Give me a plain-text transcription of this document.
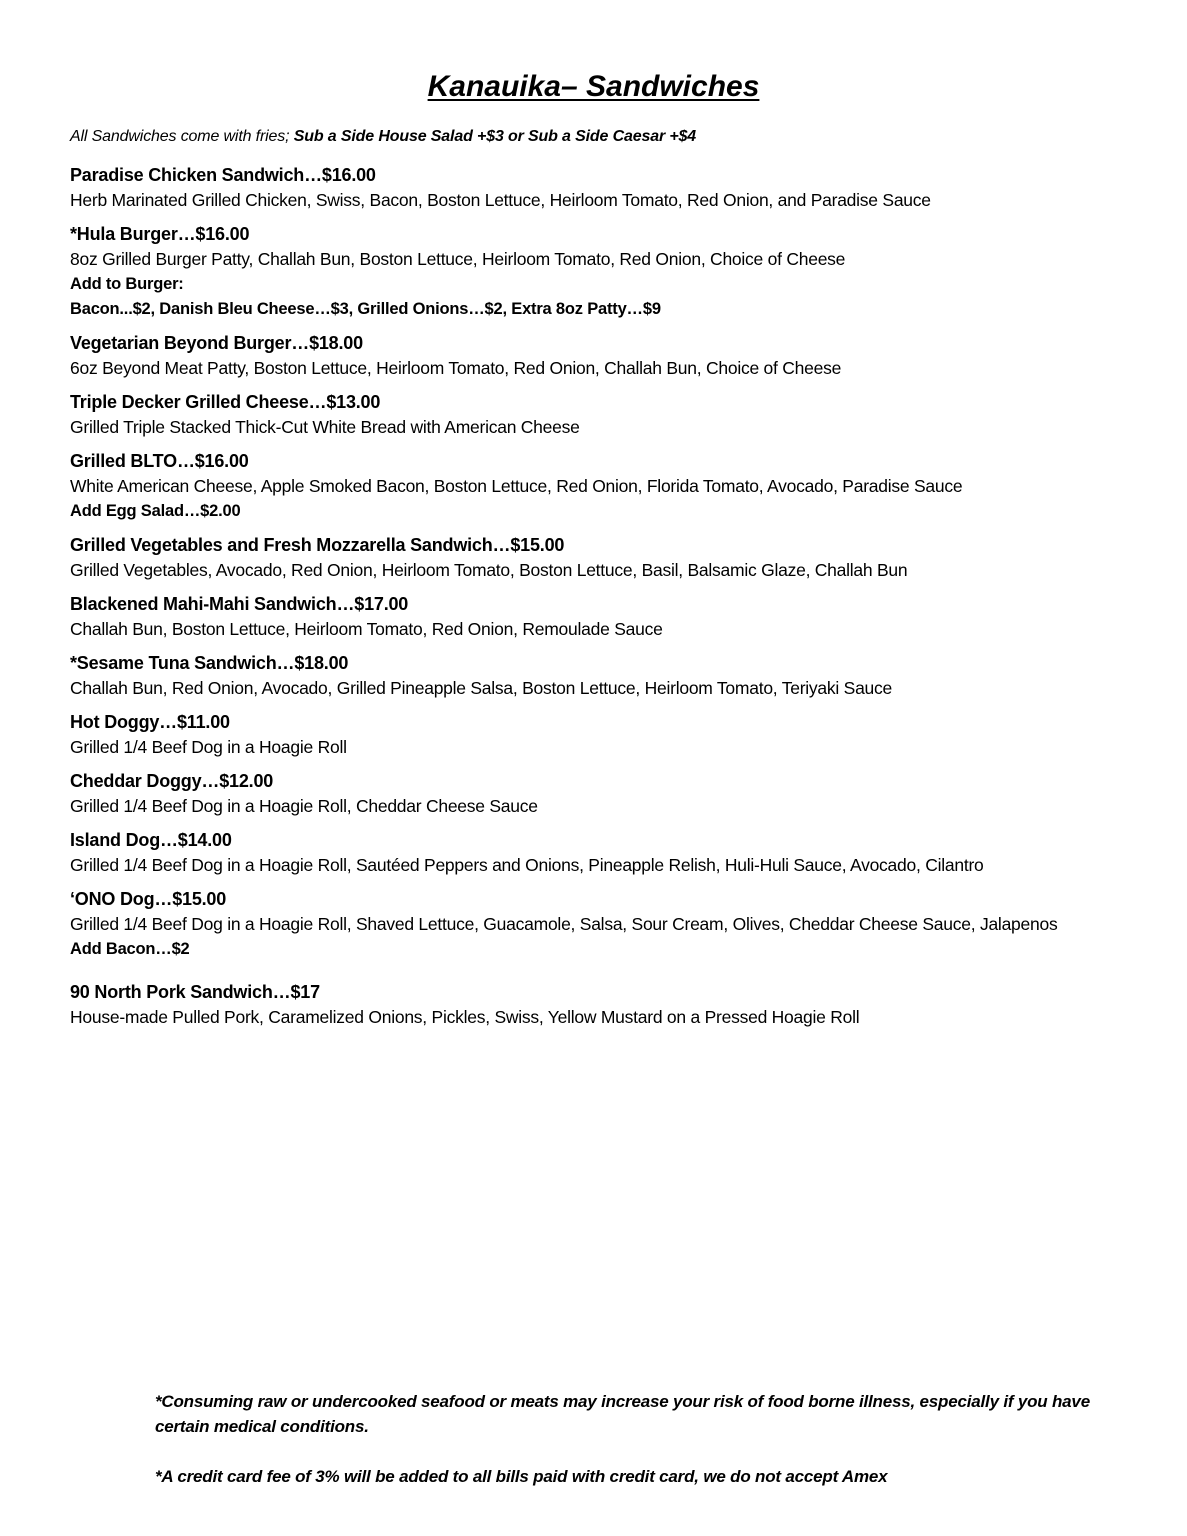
Kanauika– Sandwiches
All Sandwiches come with fries; Sub a Side House Salad +$3 or Sub a Side Caesar +$4
Paradise Chicken Sandwich…$16.00
Herb Marinated Grilled Chicken, Swiss, Bacon, Boston Lettuce, Heirloom Tomato, Red Onion, and Paradise Sauce
*Hula Burger…$16.00
8oz Grilled Burger Patty, Challah Bun, Boston Lettuce, Heirloom Tomato, Red Onion, Choice of Cheese
Add to Burger:
Bacon...$2, Danish Bleu Cheese…$3, Grilled Onions…$2, Extra 8oz Patty…$9
Vegetarian Beyond Burger…$18.00
6oz Beyond Meat Patty, Boston Lettuce, Heirloom Tomato, Red Onion, Challah Bun, Choice of Cheese
Triple Decker Grilled Cheese…$13.00
Grilled Triple Stacked Thick-Cut White Bread with American Cheese
Grilled BLTO…$16.00
White American Cheese, Apple Smoked Bacon, Boston Lettuce, Red Onion, Florida Tomato, Avocado, Paradise Sauce
Add Egg Salad…$2.00
Grilled Vegetables and Fresh Mozzarella Sandwich…$15.00
Grilled Vegetables, Avocado, Red Onion, Heirloom Tomato, Boston Lettuce, Basil, Balsamic Glaze, Challah Bun
Blackened Mahi-Mahi Sandwich…$17.00
Challah Bun, Boston Lettuce, Heirloom Tomato, Red Onion, Remoulade Sauce
*Sesame Tuna Sandwich…$18.00
Challah Bun, Red Onion, Avocado, Grilled Pineapple Salsa, Boston Lettuce, Heirloom Tomato, Teriyaki Sauce
Hot Doggy…$11.00
Grilled 1/4 Beef Dog in a Hoagie Roll
Cheddar Doggy…$12.00
Grilled 1/4 Beef Dog in a Hoagie Roll, Cheddar Cheese Sauce
Island Dog…$14.00
Grilled 1/4 Beef Dog in a Hoagie Roll, Sautéed Peppers and Onions, Pineapple Relish, Huli-Huli Sauce, Avocado, Cilantro
‘ONO Dog…$15.00
Grilled 1/4 Beef Dog in a Hoagie Roll, Shaved Lettuce, Guacamole, Salsa, Sour Cream, Olives, Cheddar Cheese Sauce, Jalapenos
Add Bacon…$2
90 North Pork Sandwich…$17
House-made Pulled Pork, Caramelized Onions, Pickles, Swiss, Yellow Mustard on a Pressed Hoagie Roll

*Consuming raw or undercooked seafood or meats may increase your risk of food borne illness, especially if you have certain medical conditions.

*A credit card fee of 3% will be added to all bills paid with credit card, we do not accept Amex
